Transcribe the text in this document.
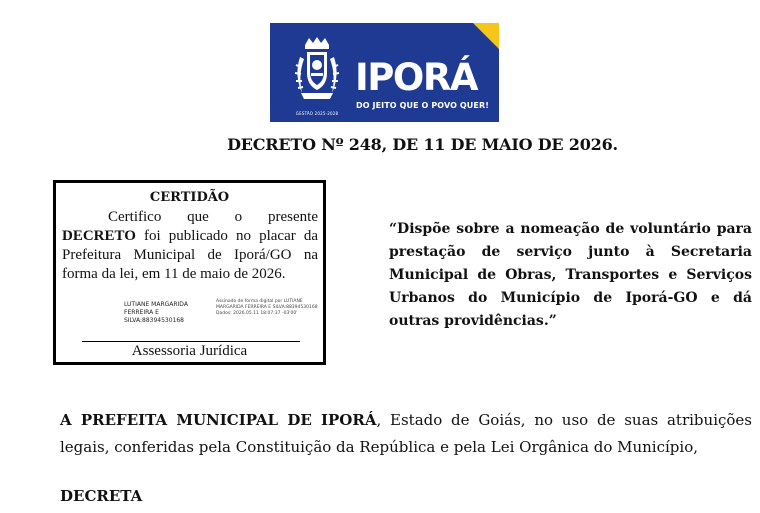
GESTÃO 2025-2028
IPORÁ
DO JEITO QUE O POVO QUER!
DECRETO Nº 248, DE 11 DE MAIO DE 2026.
CERTIDÃO

Certifico que o presente DECRETO foi publicado no placar da Prefeitura Municipal de Iporá/GO na forma da lei, em 11 de maio de 2026.

LUTIANE MARGARIDA FERREIRA E SILVA:88394530168
Assinado de forma digital por LUTIANE MARGARIDA FERREIRA E SILVA:88394530168 Dados: 2026.05.11 18:07:37 -03'00'
Assessoria Jurídica
“Dispõe sobre a nomeação de voluntário para prestação de serviço junto à Secretaria Municipal de Obras, Transportes e Serviços Urbanos do Município de Iporá-GO e dá outras providências.”
A PREFEITA MUNICIPAL DE IPORÁ, Estado de Goiás, no uso de suas atribuições legais, conferidas pela Constituição da República e pela Lei Orgânica do Município,
DECRETA
